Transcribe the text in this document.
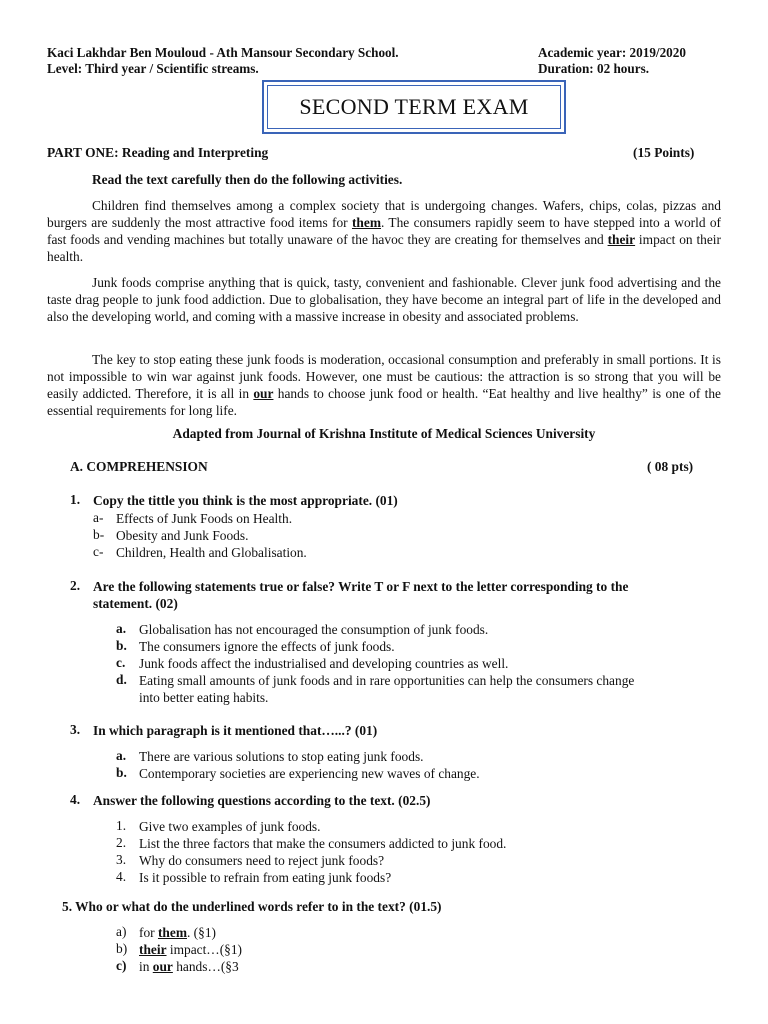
Kaci Lakhdar Ben Mouloud - Ath Mansour Secondary School.	Academic year: 2019/2020
Level: Third year / Scientific streams.	Duration: 02 hours.
SECOND TERM EXAM
PART ONE: Reading and Interpreting	(15 Points)
Read the text carefully then do the following activities.
Children find themselves among a complex society that is undergoing changes. Wafers, chips, colas, pizzas and burgers are suddenly the most attractive food items for them. The consumers rapidly seem to have stepped into a world of fast foods and vending machines but totally unaware of the havoc they are creating for themselves and their impact on their health.
Junk foods comprise anything that is quick, tasty, convenient and fashionable. Clever junk food advertising and the taste drag people to junk food addiction. Due to globalisation, they have become an integral part of life in the developed and also the developing world, and coming with a massive increase in obesity and associated problems.
The key to stop eating these junk foods is moderation, occasional consumption and preferably in small portions. It is not impossible to win war against junk foods. However, one must be cautious: the attraction is so strong that you will be easily addicted. Therefore, it is all in our hands to choose junk food or health. “Eat healthy and live healthy” is one of the essential requirements for long life.
Adapted from Journal of Krishna Institute of Medical Sciences University
A. COMPREHENSION	( 08 pts)
1. Copy the tittle you think is the most appropriate. (01)
a- Effects of Junk Foods on Health.
b- Obesity and Junk Foods.
c- Children, Health and Globalisation.
2. Are the following statements true or false? Write T or F next to the letter corresponding to the
statement. (02)
a. Globalisation has not encouraged the consumption of junk foods.
b. The consumers ignore the effects of junk foods.
c. Junk foods affect the industrialised and developing countries as well.
d. Eating small amounts of junk foods and in rare opportunities can help the consumers change
into better eating habits.
3. In which paragraph is it mentioned that…...? (01)
a. There are various solutions to stop eating junk foods.
b. Contemporary societies are experiencing new waves of change.
4. Answer the following questions according to the text. (02.5)
1. Give two examples of junk foods.
2. List the three factors that make the consumers addicted to junk food.
3. Why do consumers need to reject junk foods?
4. Is it possible to refrain from eating junk foods?
5. Who or what do the underlined words refer to in the text? (01.5)
a) for them. (§1)
b) their impact…(§1)
c) in our hands…(§3
